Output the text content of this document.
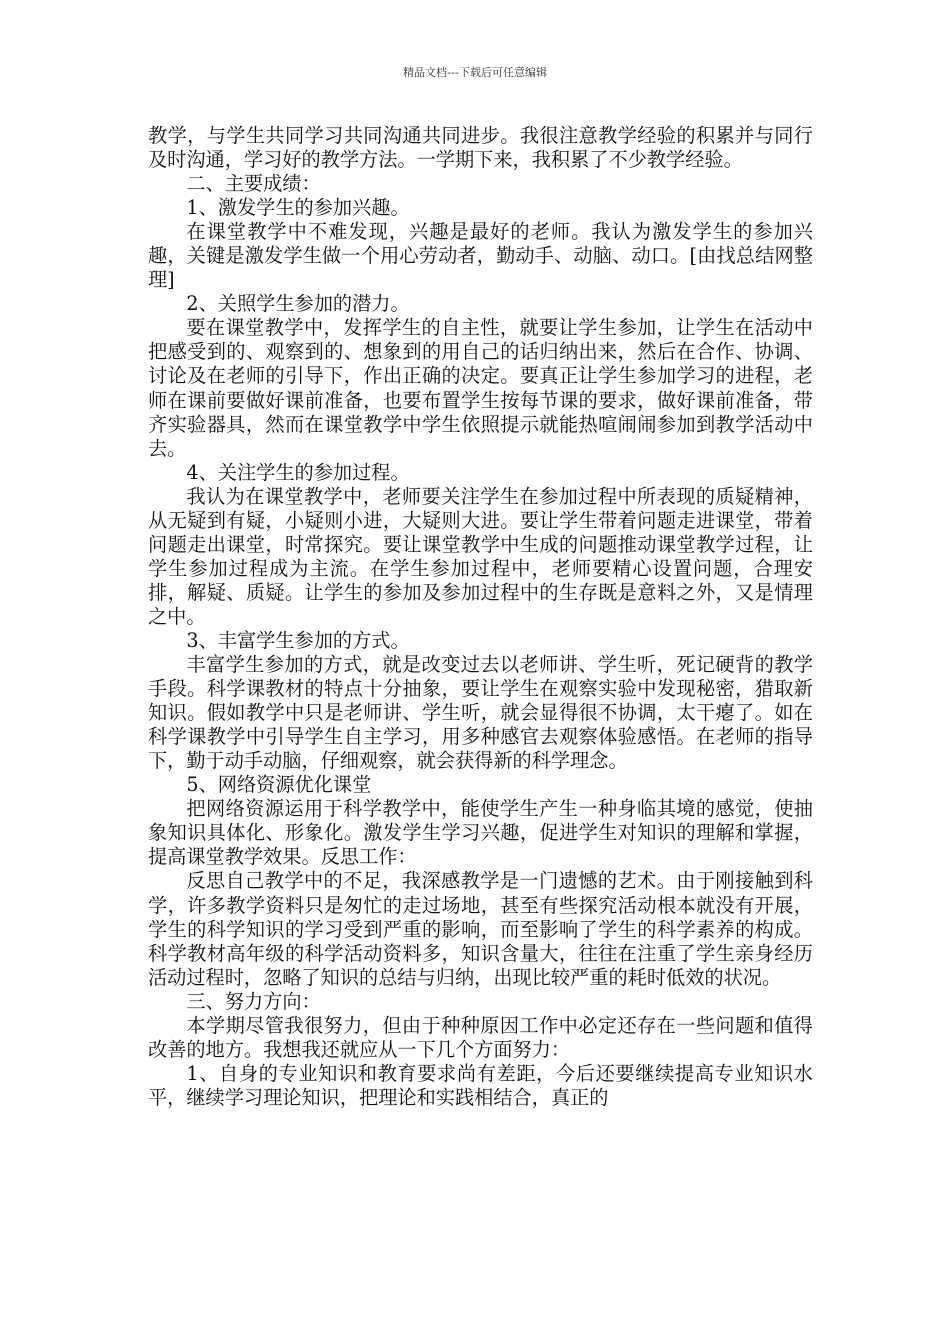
精品文档---下载后可任意编辑

教学，与学生共同学习共同沟通共同进步。我很注意教学经验的积累并与同行及时沟通，学习好的教学方法。一学期下来，我积累了不少教学经验。

二、主要成绩：

1、激发学生的参加兴趣。

在课堂教学中不难发现，兴趣是最好的老师。我认为激发学生的参加兴趣，关键是激发学生做一个用心劳动者，勤动手、动脑、动口。[由找总结网整理]

2、关照学生参加的潜力。

要在课堂教学中，发挥学生的自主性，就要让学生参加，让学生在活动中把感受到的、观察到的、想象到的用自己的话归纳出来，然后在合作、协调、讨论及在老师的引导下，作出正确的决定。要真正让学生参加学习的进程，老师在课前要做好课前准备，也要布置学生按每节课的要求，做好课前准备，带齐实验器具，然而在课堂教学中学生依照提示就能热喧闹闹参加到教学活动中去。

4、关注学生的参加过程。

我认为在课堂教学中，老师要关注学生在参加过程中所表现的质疑精神，从无疑到有疑，小疑则小进，大疑则大进。要让学生带着问题走进课堂，带着问题走出课堂，时常探究。要让课堂教学中生成的问题推动课堂教学过程，让学生参加过程成为主流。在学生参加过程中，老师要精心设置问题，合理安排，解疑、质疑。让学生的参加及参加过程中的生存既是意料之外，又是情理之中。

3、丰富学生参加的方式。

丰富学生参加的方式，就是改变过去以老师讲、学生听，死记硬背的教学手段。科学课教材的特点十分抽象，要让学生在观察实验中发现秘密，猎取新知识。假如教学中只是老师讲、学生听，就会显得很不协调，太干瘪了。如在科学课教学中引导学生自主学习，用多种感官去观察体验感悟。在老师的指导下，勤于动手动脑，仔细观察，就会获得新的科学理念。

5、网络资源优化课堂

把网络资源运用于科学教学中，能使学生产生一种身临其境的感觉，使抽象知识具体化、形象化。激发学生学习兴趣，促进学生对知识的理解和掌握，提高课堂教学效果。反思工作：

反思自己教学中的不足，我深感教学是一门遗憾的艺术。由于刚接触到科学，许多教学资料只是匆忙的走过场地，甚至有些探究活动根本就没有开展，学生的科学知识的学习受到严重的影响，而至影响了学生的科学素养的构成。科学教材高年级的科学活动资料多，知识含量大，往往在注重了学生亲身经历活动过程时，忽略了知识的总结与归纳，出现比较严重的耗时低效的状况。

三、努力方向：

本学期尽管我很努力，但由于种种原因工作中必定还存在一些问题和值得改善的地方。我想我还就应从一下几个方面努力：

1、自身的专业知识和教育要求尚有差距，今后还要继续提高专业知识水平，继续学习理论知识，把理论和实践相结合，真正的
